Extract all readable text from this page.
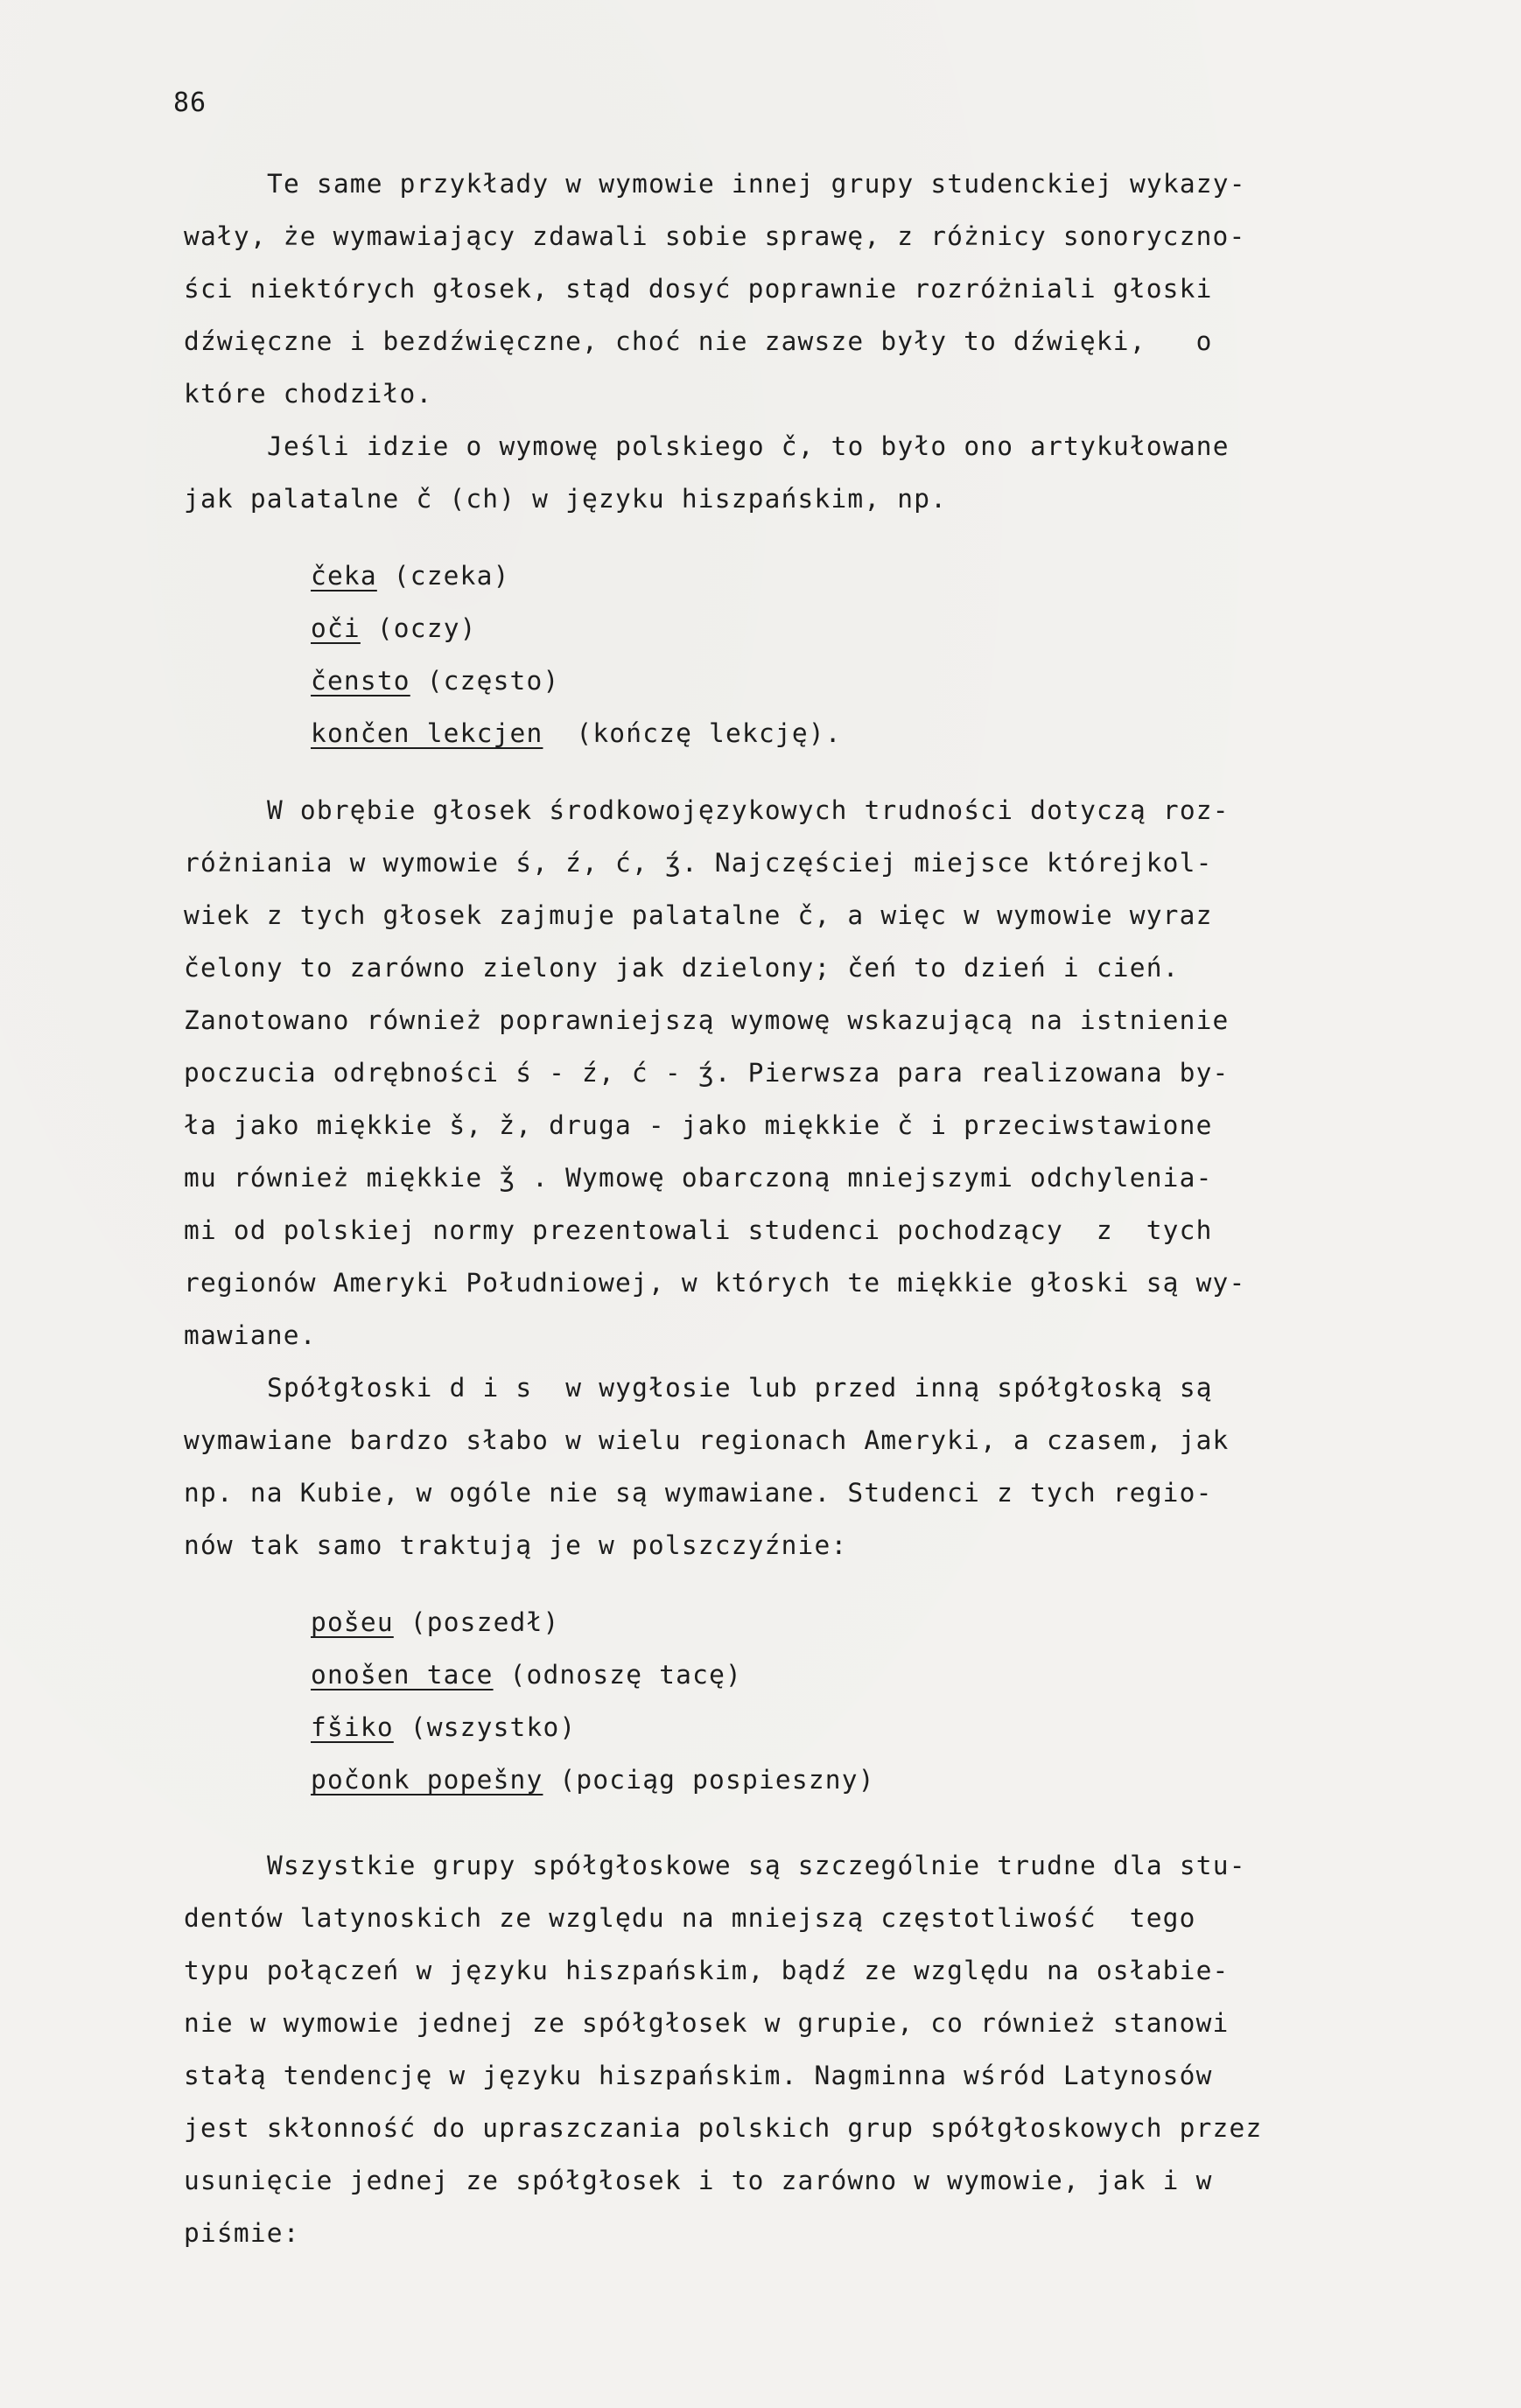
86
Te same przykłady w wymowie innej grupy studenckiej wykazy-
wały, że wymawiający zdawali sobie sprawę, z różnicy sonoryczno-
ści niektórych głosek, stąd dosyć poprawnie rozróżniali głoski
dźwięczne i bezdźwięczne, choć nie zawsze były to dźwięki,   o
które chodziło.
Jeśli idzie o wymowę polskiego č, to było ono artykułowane
jak palatalne č (ch) w języku hiszpańskim, np.
čeka (czeka)
oči (oczy)
čensto (często)
končen lekcjen  (kończę lekcję).
W obrębie głosek środkowojęzykowych trudności dotyczą roz-
różniania w wymowie ś, ź, ć, ʒ́. Najczęściej miejsce którejkol-
wiek z tych głosek zajmuje palatalne č, a więc w wymowie wyraz
čelony to zarówno zielony jak dzielony; čeń to dzień i cień.
Zanotowano również poprawniejszą wymowę wskazującą na istnienie
poczucia odrębności ś - ź, ć - ʒ́. Pierwsza para realizowana by-
ła jako miękkie š, ž, druga - jako miękkie č i przeciwstawione
mu również miękkie ǯ . Wymowę obarczoną mniejszymi odchylenia-
mi od polskiej normy prezentowali studenci pochodzący  z  tych
regionów Ameryki Południowej, w których te miękkie głoski są wy-
mawiane.
Spółgłoski d i s  w wygłosie lub przed inną spółgłoską są
wymawiane bardzo słabo w wielu regionach Ameryki, a czasem, jak
np. na Kubie, w ogóle nie są wymawiane. Studenci z tych regio-
nów tak samo traktują je w polszczyźnie:
pošeu (poszedł)
onošen tace (odnoszę tacę)
fšiko (wszystko)
počonk popešny (pociąg pospieszny)
Wszystkie grupy spółgłoskowe są szczególnie trudne dla stu-
dentów latynoskich ze względu na mniejszą częstotliwość  tego
typu połączeń w języku hiszpańskim, bądź ze względu na osłabie-
nie w wymowie jednej ze spółgłosek w grupie, co również stanowi
stałą tendencję w języku hiszpańskim. Nagminna wśród Latynosów
jest skłonność do upraszczania polskich grup spółgłoskowych przez
usunięcie jednej ze spółgłosek i to zarówno w wymowie, jak i w
piśmie:
